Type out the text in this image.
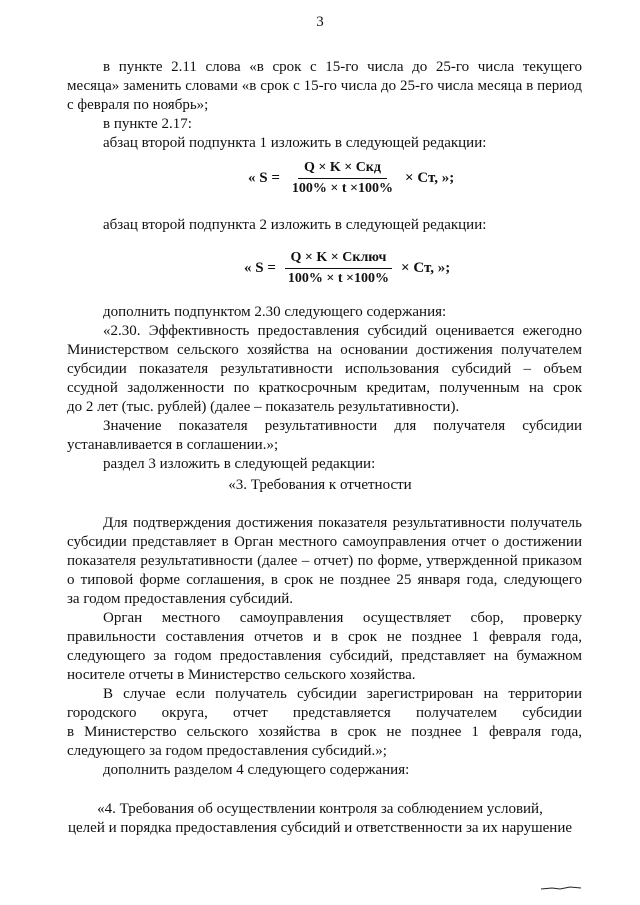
3
в пункте 2.11 слова «в срок с 15-го числа до 25-го числа текущего
месяца» заменить словами «в срок с 15-го числа до 25-го числа месяца в период
с февраля по ноябрь»;
в пункте 2.17:
абзац второй подпункта 1 изложить в следующей редакции:
« $S = \frac{\text{Q × K × Скд}}{100\% \times t \times 100\%}$ × Ст, »;
абзац второй подпункта 2 изложить в следующей редакции:
« $S = \frac{\text{Q × K × Сключ}}{100\% \times t \times 100\%}$ × Ст, »;
дополнить подпунктом 2.30 следующего содержания:
«2.30. Эффективность предоставления субсидий оценивается ежегодно
Министерством сельского хозяйства на основании достижения получателем
субсидии показателя результативности использования субсидий – объем
ссудной задолженности по краткосрочным кредитам, полученным на срок
до 2 лет (тыс. рублей) (далее – показатель результативности).
Значение показателя результативности для получателя субсидии
устанавливается в соглашении.»;
раздел 3 изложить в следующей редакции:
«3. Требования к отчетности
Для подтверждения достижения показателя результативности получатель
субсидии представляет в Орган местного самоуправления отчет о достижении
показателя результативности (далее – отчет) по форме, утвержденной приказом
о типовой форме соглашения, в срок не позднее 25 января года, следующего
за годом предоставления субсидий.
Орган местного самоуправления осуществляет сбор, проверку
правильности составления отчетов и в срок не позднее 1 февраля года,
следующего за годом предоставления субсидий, представляет на бумажном
носителе отчеты в Министерство сельского хозяйства.
В случае если получатель субсидии зарегистрирован на территории
городского округа, отчет представляется получателем субсидии
в Министерство сельского хозяйства в срок не позднее 1 февраля года,
следующего за годом предоставления субсидий.»;
дополнить разделом 4 следующего содержания:
«4. Требования об осуществлении контроля за соблюдением условий,
целей и порядка предоставления субсидий и ответственности за их нарушение
